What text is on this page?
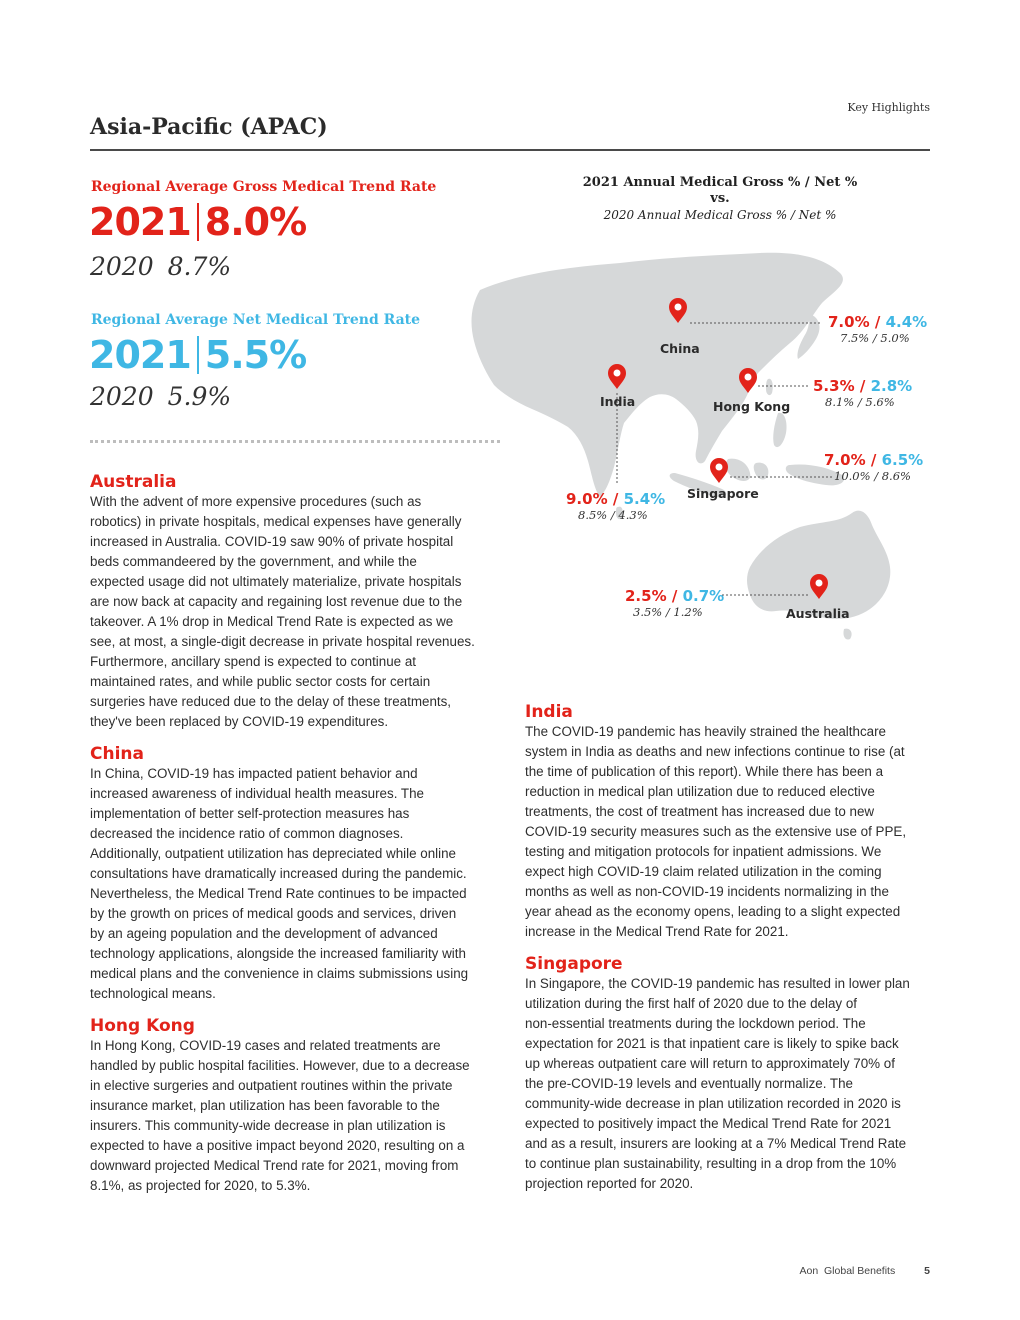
Key Highlights
Asia-Pacific (APAC)
Regional Average Gross Medical Trend Rate
2021 8.0%
2020 8.7%
Regional Average Net Medical Trend Rate
2021 5.5%
2020 5.9%
2021 Annual Medical Gross % / Net %
vs.
2020 Annual Medical Gross % / Net %
China
India	Hong Kong
Singapore
Australia
7.0% / 4.4%
7.5% / 5.0%
5.3% / 2.8%
8.1% / 5.6%
7.0% / 6.5%
10.0% / 8.6%
9.0% / 5.4%
8.5% / 4.3%
2.5% / 0.7%
3.5% / 1.2%
Australia
With the advent of more expensive procedures (such as
robotics) in private hospitals, medical expenses have generally
increased in Australia. COVID-19 saw 90% of private hospital
beds commandeered by the government, and while the
expected usage did not ultimately materialize, private hospitals
are now back at capacity and regaining lost revenue due to the
takeover. A 1% drop in Medical Trend Rate is expected as we
see, at most, a single-digit decrease in private hospital revenues.
Furthermore, ancillary spend is expected to continue at
maintained rates, and while public sector costs for certain
surgeries have reduced due to the delay of these treatments,
they've been replaced by COVID-19 expenditures.
China
In China, COVID-19 has impacted patient behavior and
increased awareness of individual health measures. The
implementation of better self-protection measures has
decreased the incidence ratio of common diagnoses.
Additionally, outpatient utilization has depreciated while online
consultations have dramatically increased during the pandemic.
Nevertheless, the Medical Trend Rate continues to be impacted
by the growth on prices of medical goods and services, driven
by an ageing population and the development of advanced
technology applications, alongside the increased familiarity with
medical plans and the convenience in claims submissions using
technological means.
Hong Kong
In Hong Kong, COVID-19 cases and related treatments are
handled by public hospital facilities. However, due to a decrease
in elective surgeries and outpatient routines within the private
insurance market, plan utilization has been favorable to the
insurers. This community-wide decrease in plan utilization is
expected to have a positive impact beyond 2020, resulting on a
downward projected Medical Trend rate for 2021, moving from
8.1%, as projected for 2020, to 5.3%.
India
The COVID-19 pandemic has heavily strained the healthcare
system in India as deaths and new infections continue to rise (at
the time of publication of this report). While there has been a
reduction in medical plan utilization due to reduced elective
treatments, the cost of treatment has increased due to new
COVID-19 security measures such as the extensive use of PPE,
testing and mitigation protocols for inpatient admissions. We
expect high COVID-19 claim related utilization in the coming
months as well as non-COVID-19 incidents normalizing in the
year ahead as the economy opens, leading to a slight expected
increase in the Medical Trend Rate for 2021.
Singapore
In Singapore, the COVID-19 pandemic has resulted in lower plan
utilization during the first half of 2020 due to the delay of
non-essential treatments during the lockdown period. The
expectation for 2021 is that inpatient care is likely to spike back
up whereas outpatient care will return to approximately 70% of
the pre-COVID-19 levels and eventually normalize. The
community-wide decrease in plan utilization recorded in 2020 is
expected to positively impact the Medical Trend Rate for 2021
and as a result, insurers are looking at a 7% Medical Trend Rate
to continue plan sustainability, resulting in a drop from the 10%
projection reported for 2020.
Aon Global Benefits	5
